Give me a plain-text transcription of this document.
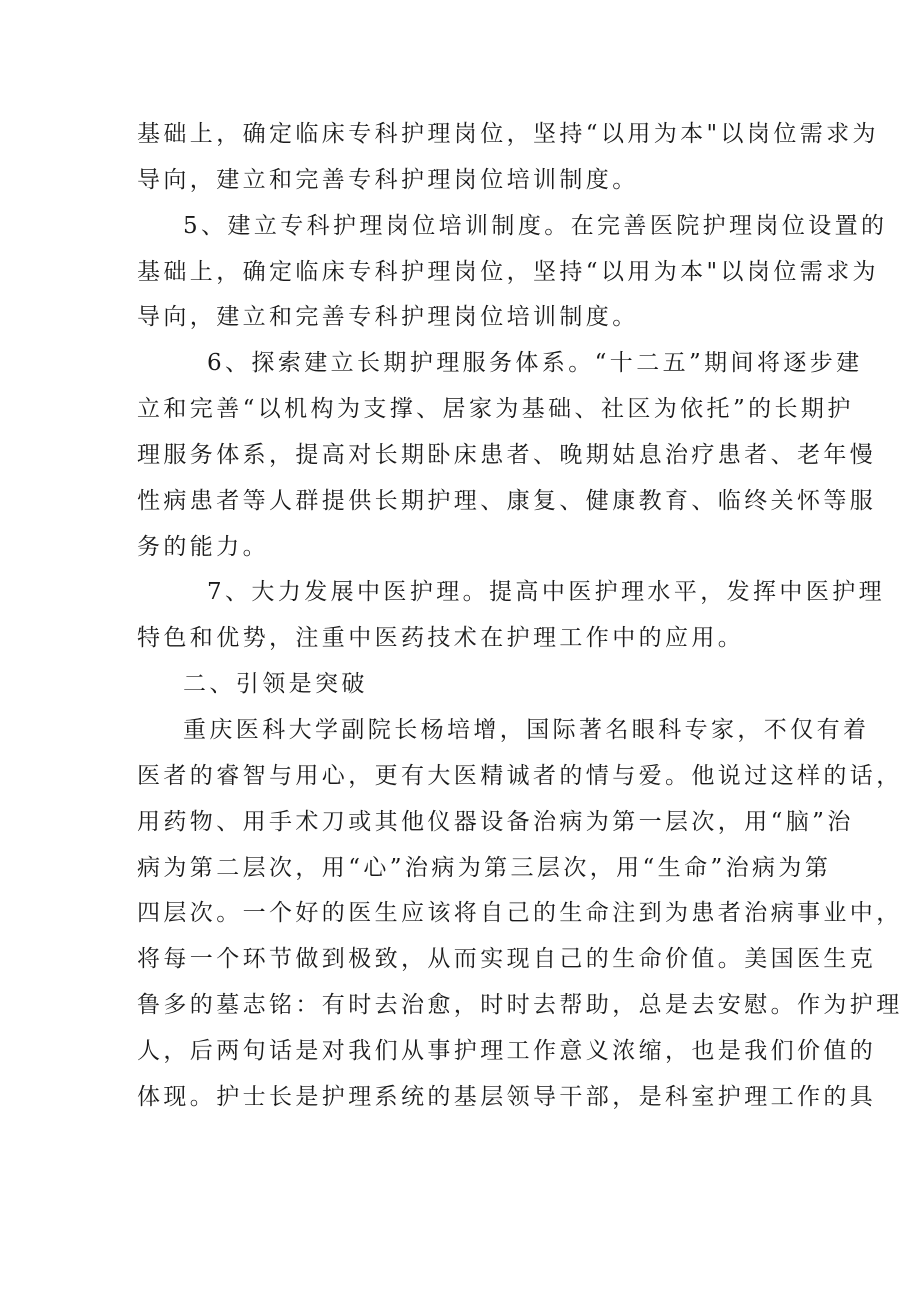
基础上，确定临床专科护理岗位，坚持“以用为本"以岗位需求为
导向，建立和完善专科护理岗位培训制度。
5、建立专科护理岗位培训制度。在完善医院护理岗位设置的
基础上，确定临床专科护理岗位，坚持“以用为本"以岗位需求为
导向，建立和完善专科护理岗位培训制度。
6、探索建立长期护理服务体系。“十二五”期间将逐步建
立和完善“以机构为支撑、居家为基础、社区为依托”的长期护
理服务体系，提高对长期卧床患者、晚期姑息治疗患者、老年慢
性病患者等人群提供长期护理、康复、健康教育、临终关怀等服
务的能力。
7、大力发展中医护理。提高中医护理水平，发挥中医护理
特色和优势，注重中医药技术在护理工作中的应用。
二、引领是突破
重庆医科大学副院长杨培增，国际著名眼科专家，不仅有着
医者的睿智与用心，更有大医精诚者的情与爱。他说过这样的话，
用药物、用手术刀或其他仪器设备治病为第一层次，用“脑”治
病为第二层次，用“心”治病为第三层次，用“生命”治病为第
四层次。一个好的医生应该将自己的生命注到为患者治病事业中，
将每一个环节做到极致，从而实现自己的生命价值。美国医生克
鲁多的墓志铭：有时去治愈，时时去帮助，总是去安慰。作为护理
人，后两句话是对我们从事护理工作意义浓缩，也是我们价值的
体现。护士长是护理系统的基层领导干部，是科室护理工作的具
